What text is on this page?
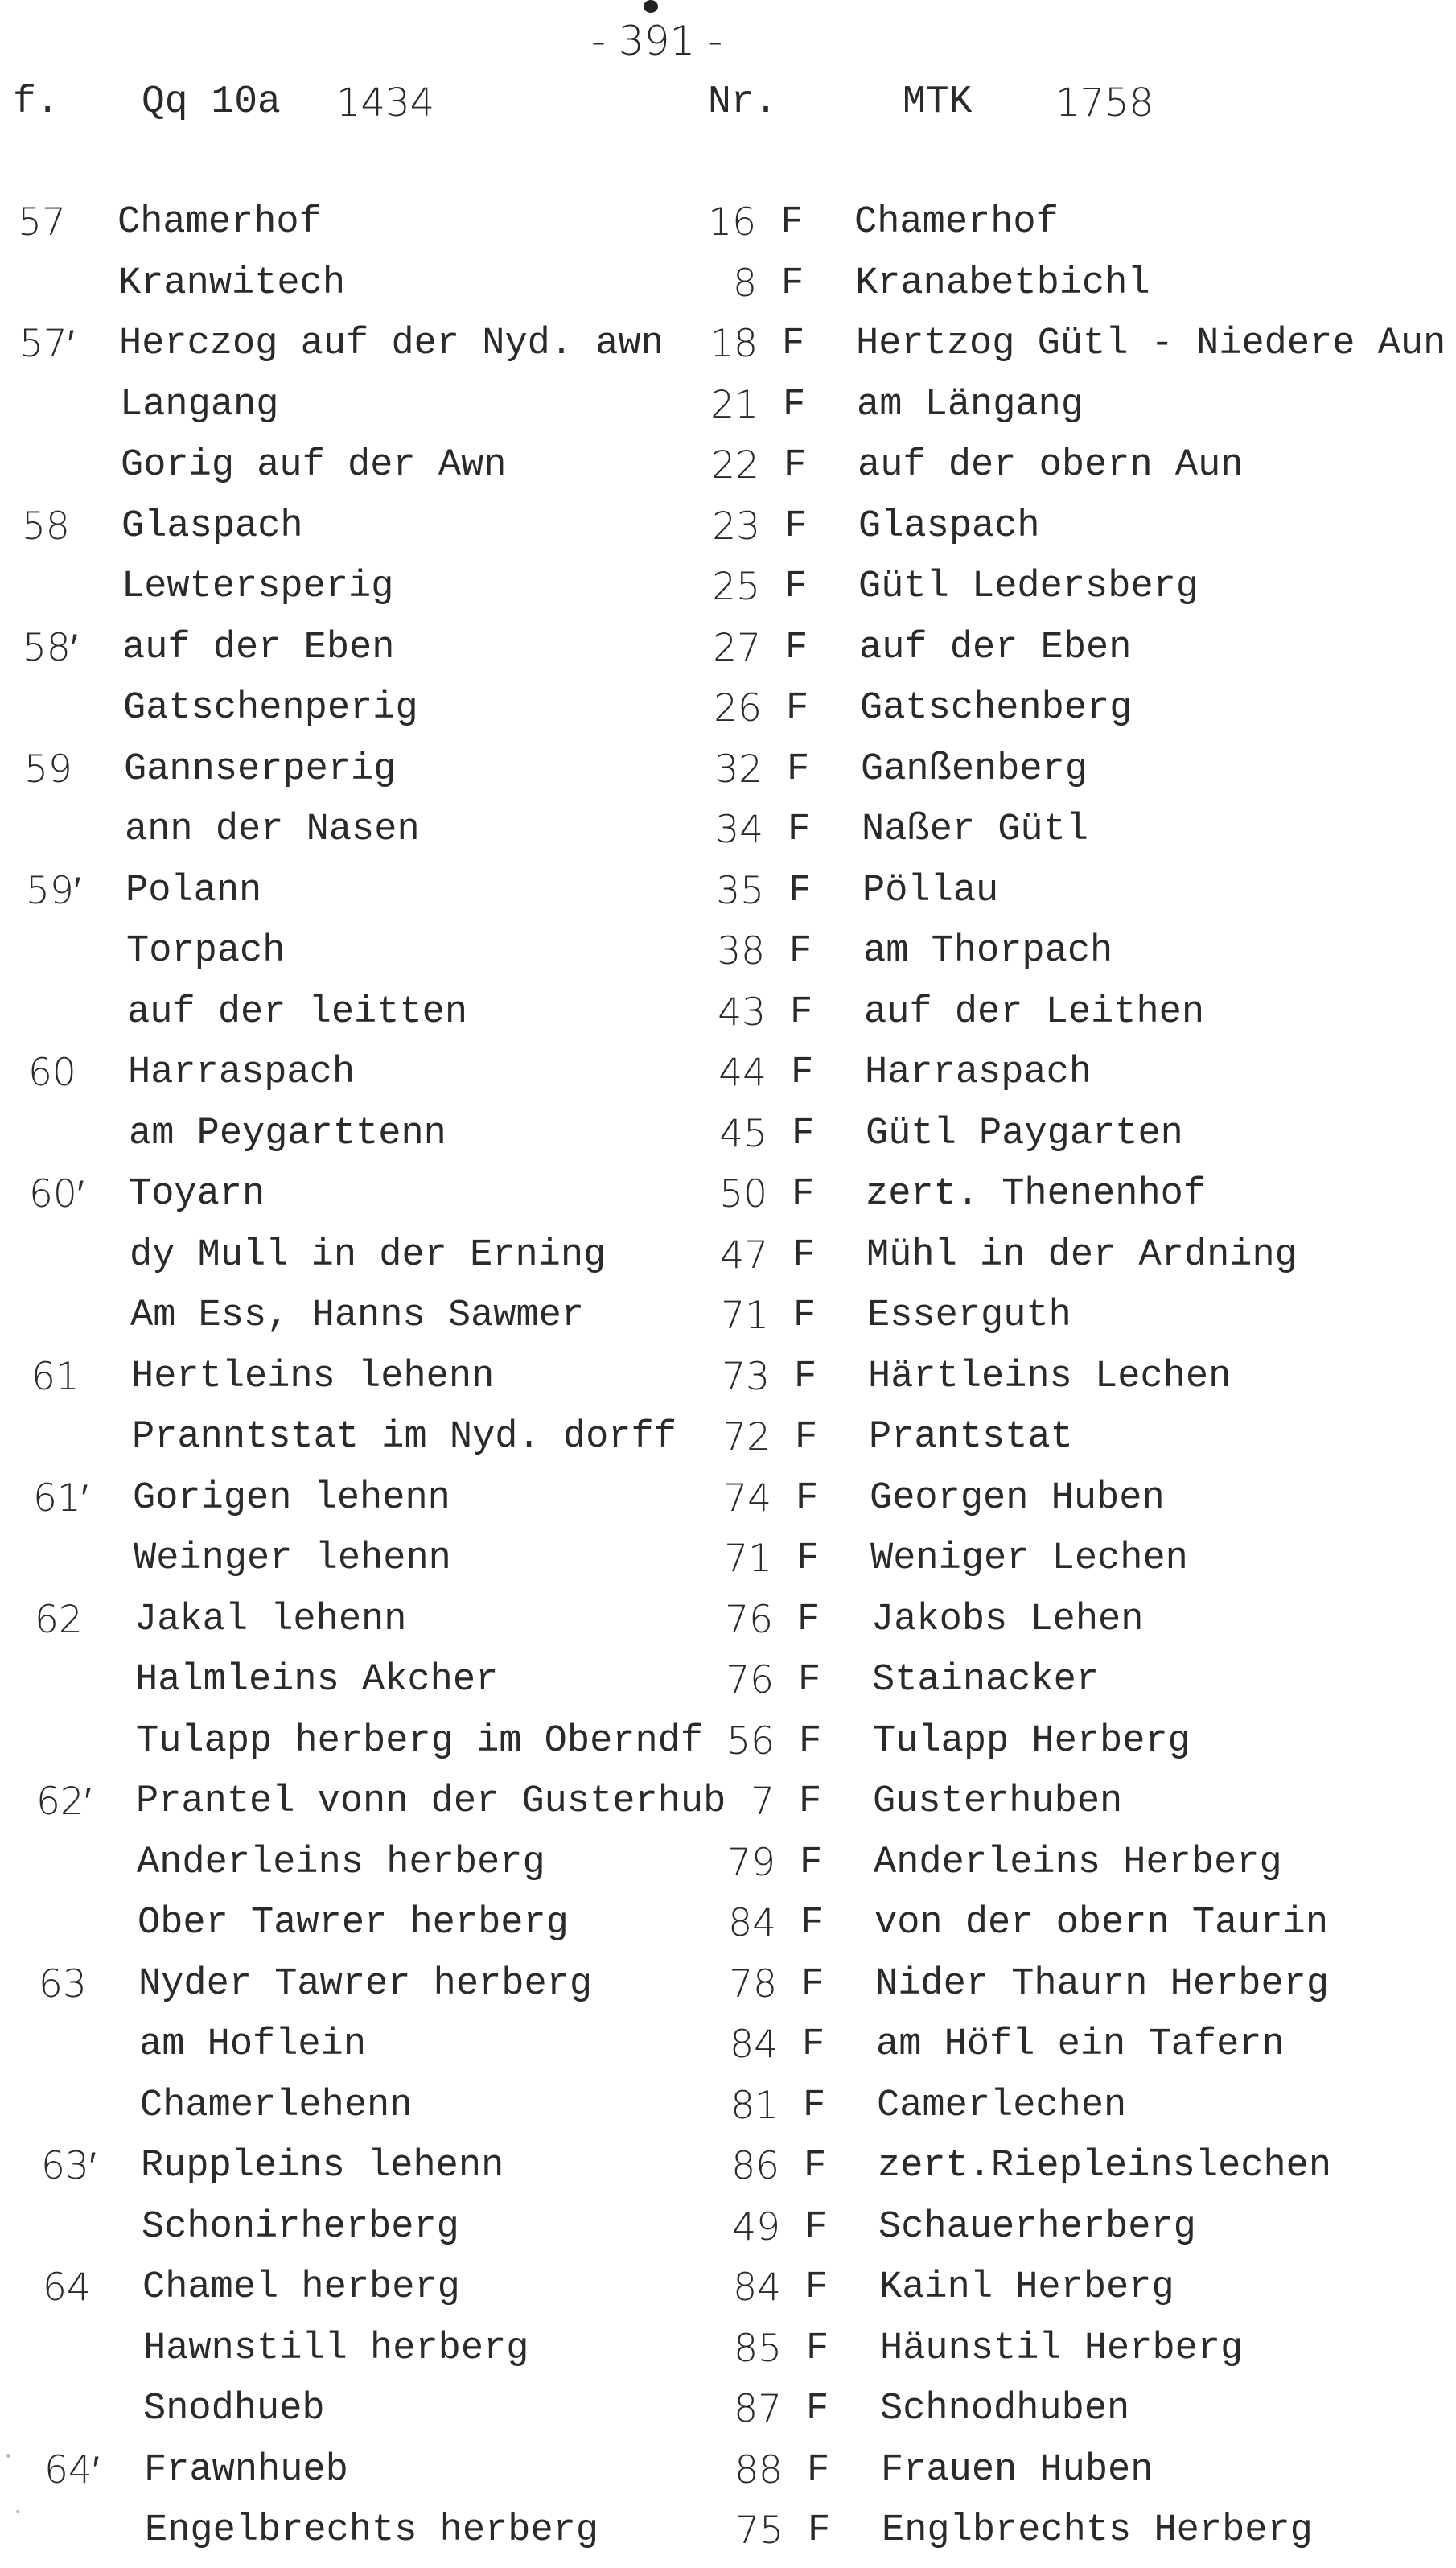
- 391 -
f. Qq 10a 1434	Nr.	MTK 1758
57 Chamerhof	16 F Chamerhof
Kranwitech	8 F Kranabetbichl
57′ Herczog auf der Nyd. awn	18 F Hertzog Gütl - Niedere Aun
Langang	21 F am Längang
Gorig auf der Awn	22 F auf der obern Aun
58 Glaspach	23 F Glaspach
Lewtersperig	25 F Gütl Ledersberg
58′ auf der Eben	27 F auf der Eben
Gatschenperig	26 F Gatschenberg
59 Gannserperig	32 F Ganßenberg
ann der Nasen	34 F Naßer Gütl
59′ Polann	35 F Pöllau
Torpach	38 F am Thorpach
auf der leitten	43 F auf der Leithen
60 Harraspach	44 F Harraspach
am Peygarttenn	45 F Gütl Paygarten
60′ Toyarn	50 F zert. Thenenhof
dy Mull in der Erning	47 F Mühl in der Ardning
Am Ess, Hanns Sawmer	71 F Esserguth
61 Hertleins lehenn	73 F Härtleins Lechen
Pranntstat im Nyd. dorff	72 F Prantstat
61′ Gorigen lehenn	74 F Georgen Huben
Weinger lehenn	71 F Weniger Lechen
62 Jakal lehenn	76 F Jakobs Lehen
Halmleins Akcher	76 F Stainacker
Tulapp herberg im Oberndf 56 F Tulapp Herberg
62′ Prantel vonn der Gusterhub 7 F Gusterhuben
Anderleins herberg	79 F Anderleins Herberg
Ober Tawrer herberg	84 F von der obern Taurin
63 Nyder Tawrer herberg	78 F Nider Thaurn Herberg
am Hoflein	84 F am Höfl ein Tafern
Chamerlehenn	81 F Camerlechen
63′ Ruppleins lehenn	86 F zert.Riepleinslechen
Schonirherberg	49 F Schauerherberg
64 Chamel herberg	84 F Kainl Herberg
Hawnstill herberg	85 F Häunstil Herberg
Snodhueb	87 F Schnodhuben
64′ Frawnhueb	88 F Frauen Huben
Engelbrechts herberg	75 F Englbrechts Herberg
